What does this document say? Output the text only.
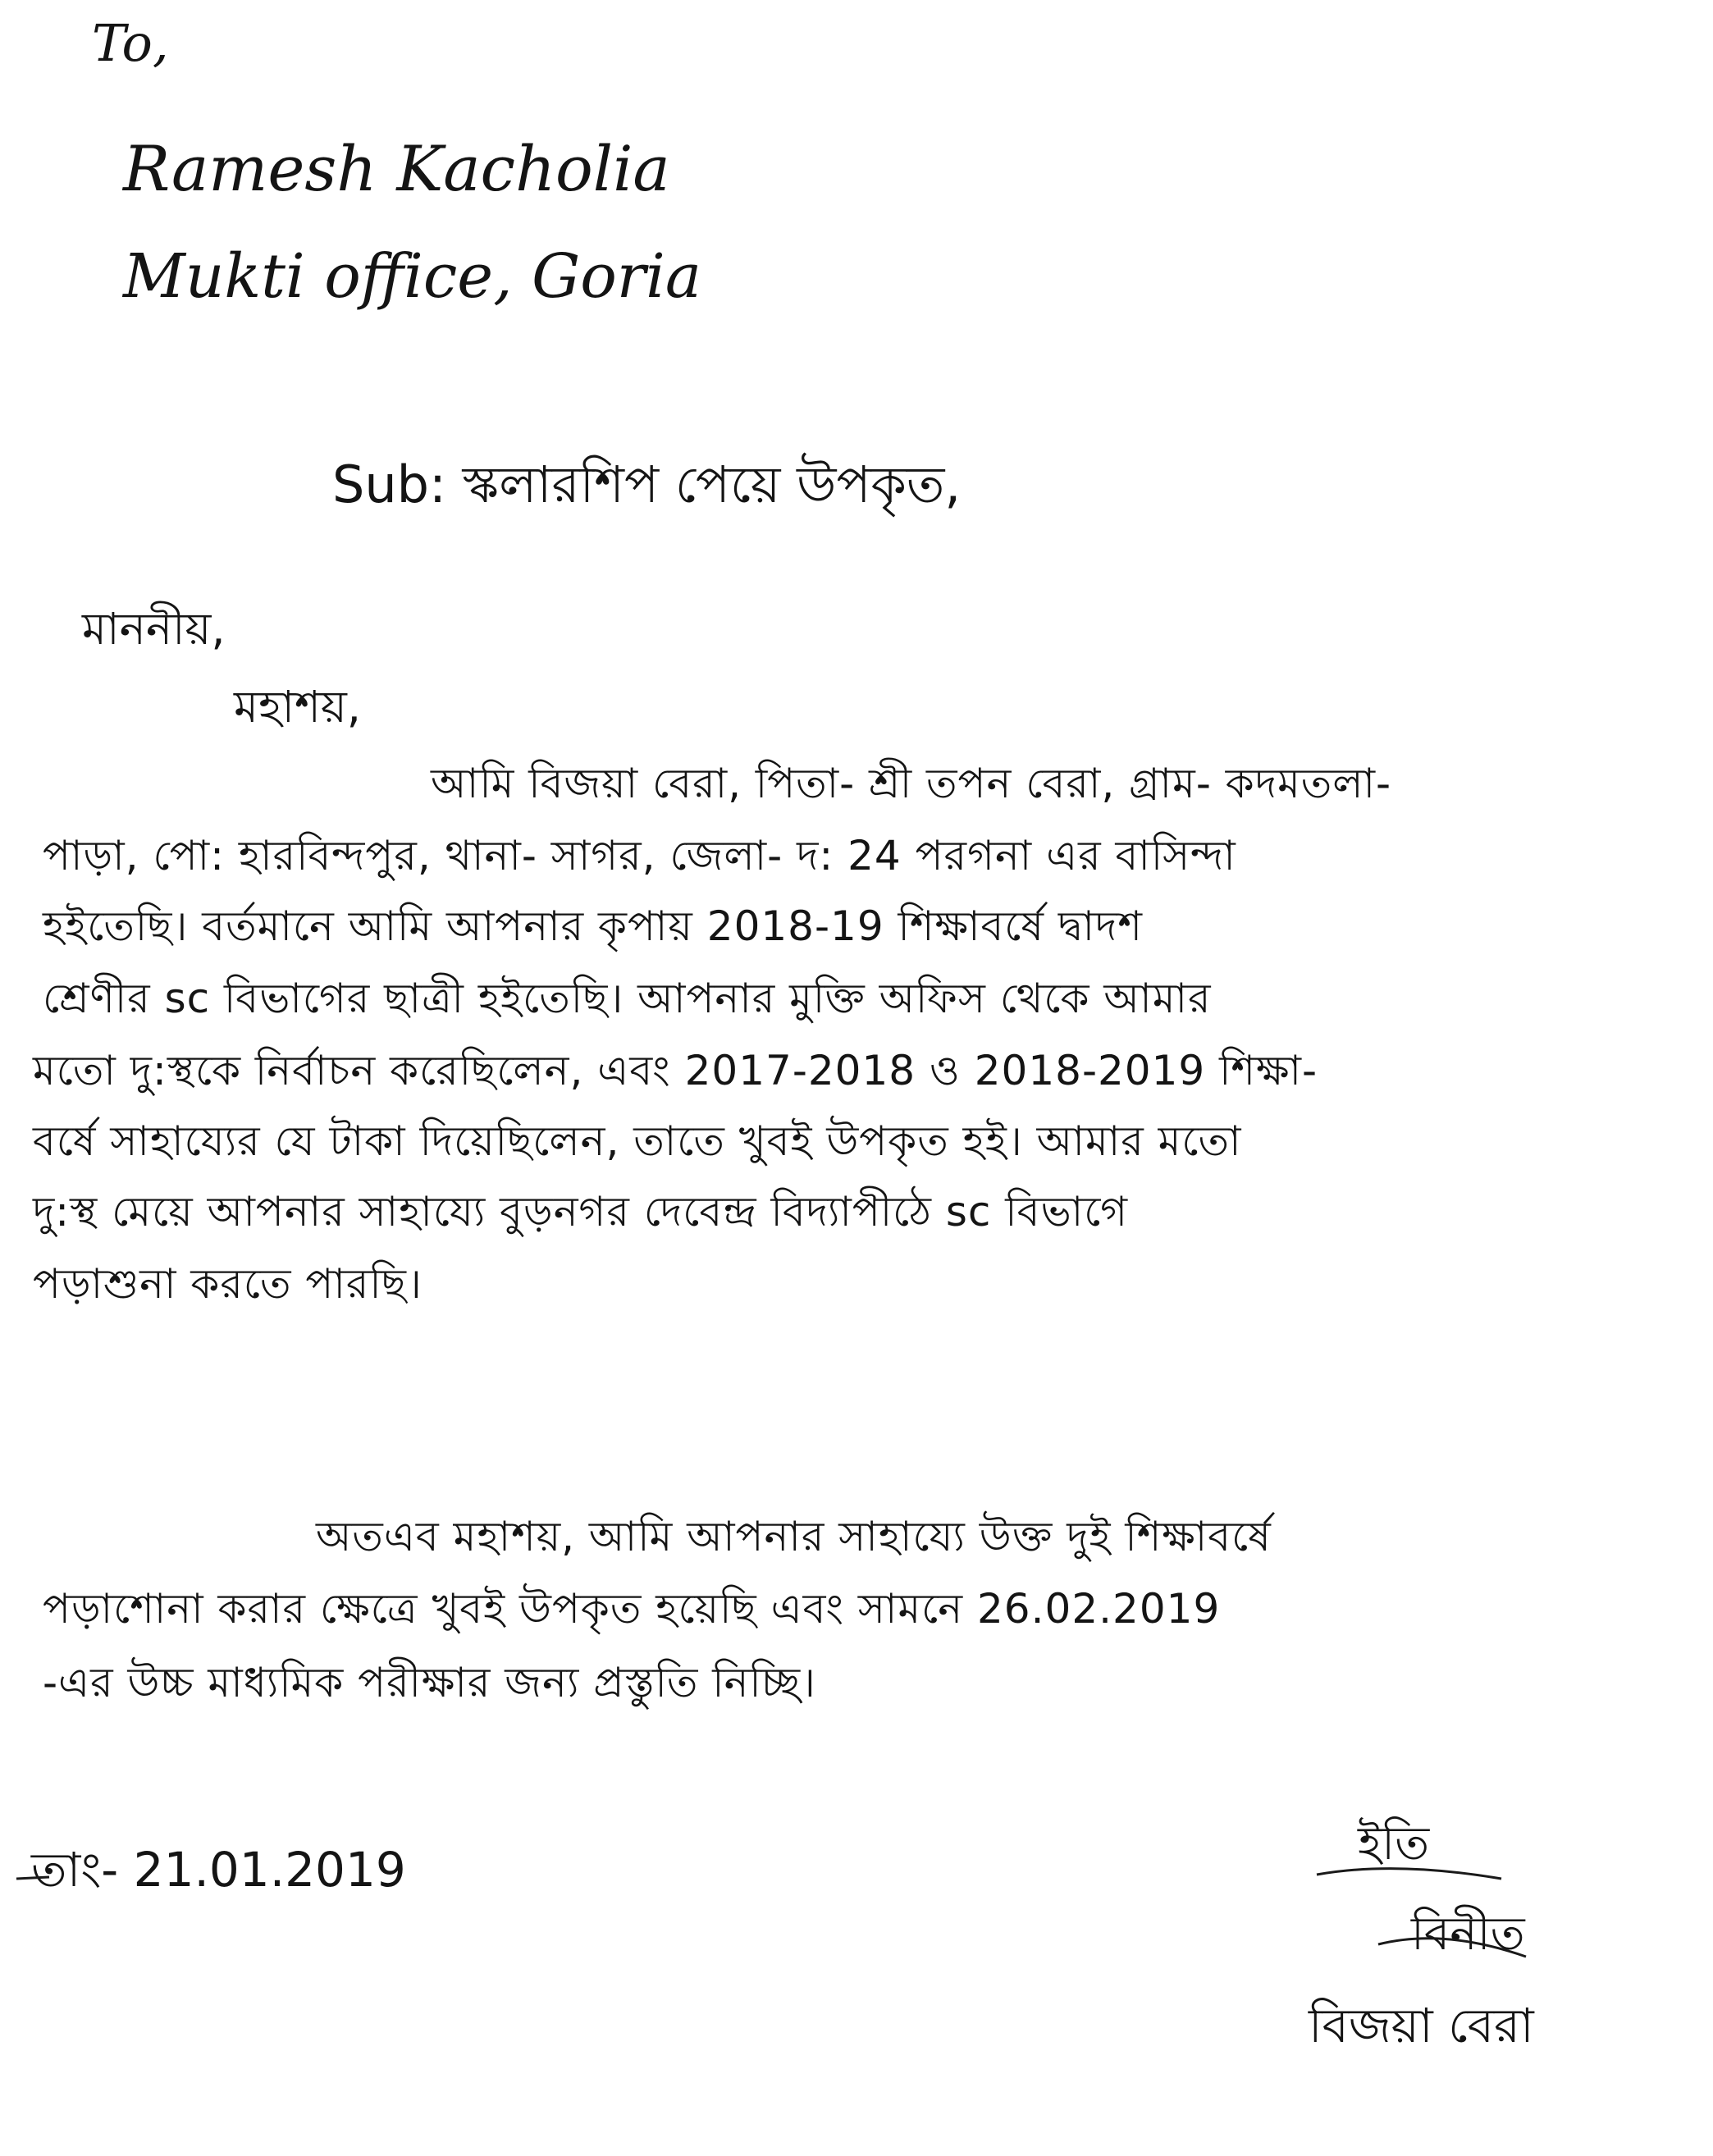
To,
Ramesh Kacholia
Mukti office, Goria
Sub: স্কলারশিপ পেয়ে উপকৃত,
মাননীয়,
মহাশয়,
আমি বিজয়া বেরা, পিতা- শ্রী তপন বেরা, গ্রাম- কদমতলা-
পাড়া, পো: হারবিন্দপুর, থানা- সাগর, জেলা- দ: 24 পরগনা এর বাসিন্দা
হইতেছি। বর্তমানে আমি আপনার কৃপায় 2018-19 শিক্ষাবর্ষে দ্বাদশ
শ্রেণীর sc বিভাগের ছাত্রী হইতেছি। আপনার মুক্তি অফিস থেকে আমার
মতো দু:স্থকে নির্বাচন করেছিলেন, এবং 2017-2018 ও 2018-2019 শিক্ষা-
বর্ষে সাহায্যের যে টাকা দিয়েছিলেন, তাতে খুবই উপকৃত হই। আমার মতো
দু:স্থ মেয়ে আপনার সাহায্যে বুড়নগর দেবেন্দ্র বিদ্যাপীঠে sc বিভাগে
পড়াশুনা করতে পারছি।
অতএব মহাশয়, আমি আপনার সাহায্যে উক্ত দুই শিক্ষাবর্ষে
পড়াশোনা করার ক্ষেত্রে খুবই উপকৃত হয়েছি এবং সামনে 26.02.2019
-এর উচ্চ মাধ্যমিক পরীক্ষার জন্য প্রস্তুতি নিচ্ছি।
তাং- 21.01.2019	ইতি
বিনীত
বিজয়া বেরা
